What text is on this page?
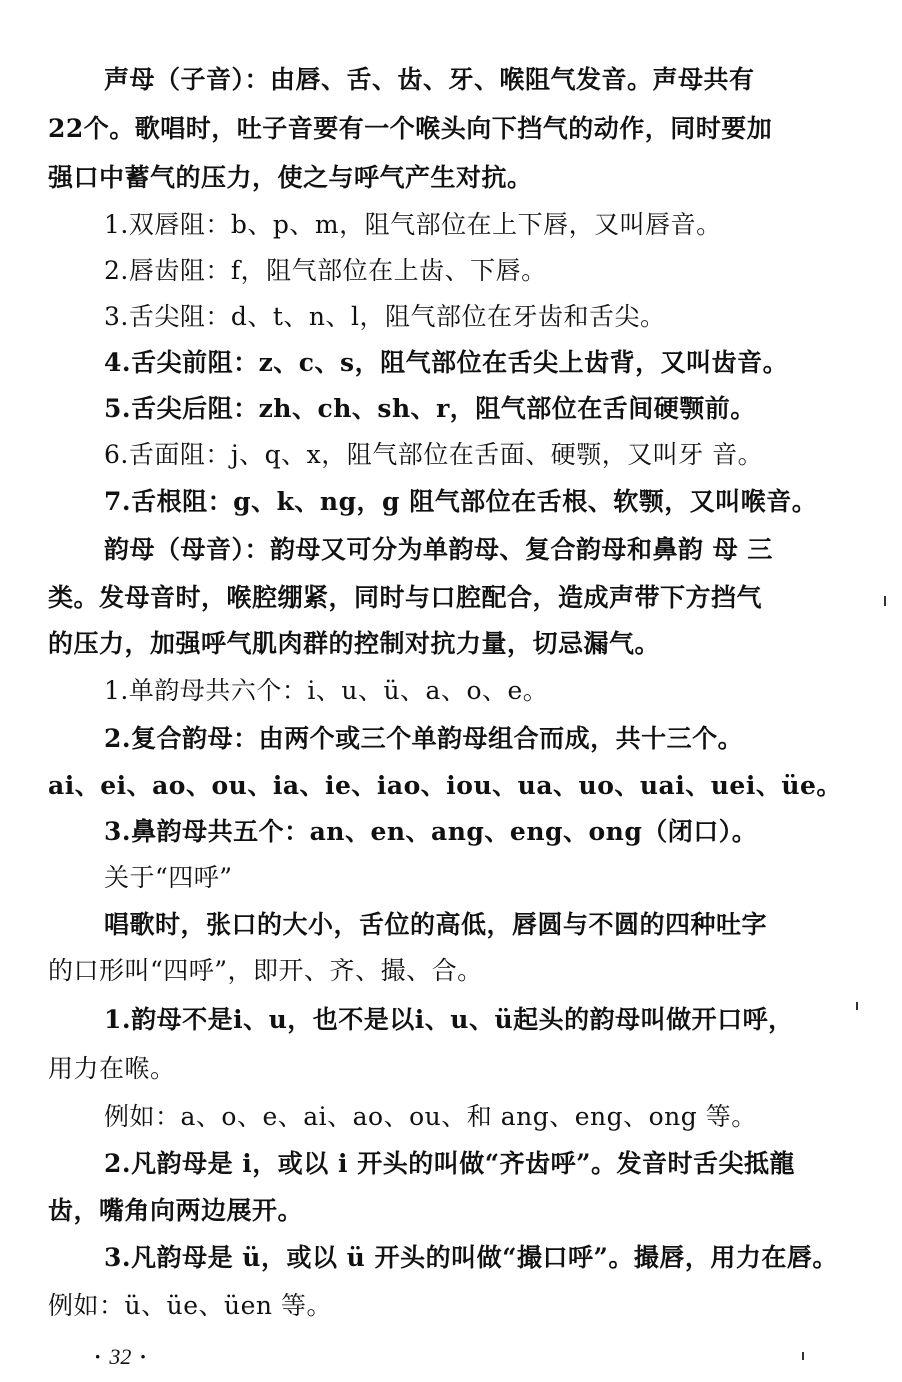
声母（子音）：由唇、舌、齿、牙、喉阻气发音。声母共有
22个。歌唱时，吐子音要有一个喉头向下挡气的动作，同时要加
强口中蓄气的压力，使之与呼气产生对抗。
1.双唇阻：b、p、m，阻气部位在上下唇，又叫唇音。
2.唇齿阻：f，阻气部位在上齿、下唇。
3.舌尖阻：d、t、n、l，阻气部位在牙齿和舌尖。
4.舌尖前阻：z、c、s，阻气部位在舌尖上齿背，又叫齿音。
5.舌尖后阻：zh、ch、sh、r，阻气部位在舌间硬颚前。
6.舌面阻：j、q、x，阻气部位在舌面、硬颚，又叫牙 音。
7.舌根阻：g、k、ng，g 阻气部位在舌根、软颚，又叫喉音。
韵母（母音）：韵母又可分为单韵母、复合韵母和鼻韵 母 三
类。发母音时，喉腔绷紧，同时与口腔配合，造成声带下方挡气
的压力，加强呼气肌肉群的控制对抗力量，切忌漏气。
1.单韵母共六个：i、u、ü、a、o、e。
2.复合韵母：由两个或三个单韵母组合而成，共十三个。
ai、ei、ao、ou、ia、ie、iao、iou、ua、uo、uai、uei、üe。
3.鼻韵母共五个：an、en、ang、eng、ong（闭口）。
关于“四呼”
唱歌时，张口的大小，舌位的高低，唇圆与不圆的四种吐字
的口形叫“四呼”，即开、齐、撮、合。
1.韵母不是i、u，也不是以i、u、ü起头的韵母叫做开口呼，
用力在喉。
例如：a、o、e、ai、ao、ou、和 ang、eng、ong 等。
2.凡韵母是 i，或以 i 开头的叫做“齐齿呼”。发音时舌尖抵龍
齿，嘴角向两边展开。
3.凡韵母是 ü，或以 ü 开头的叫做“撮口呼”。撮唇，用力在唇。
例如：ü、üe、üen 等。
· 32 ·
